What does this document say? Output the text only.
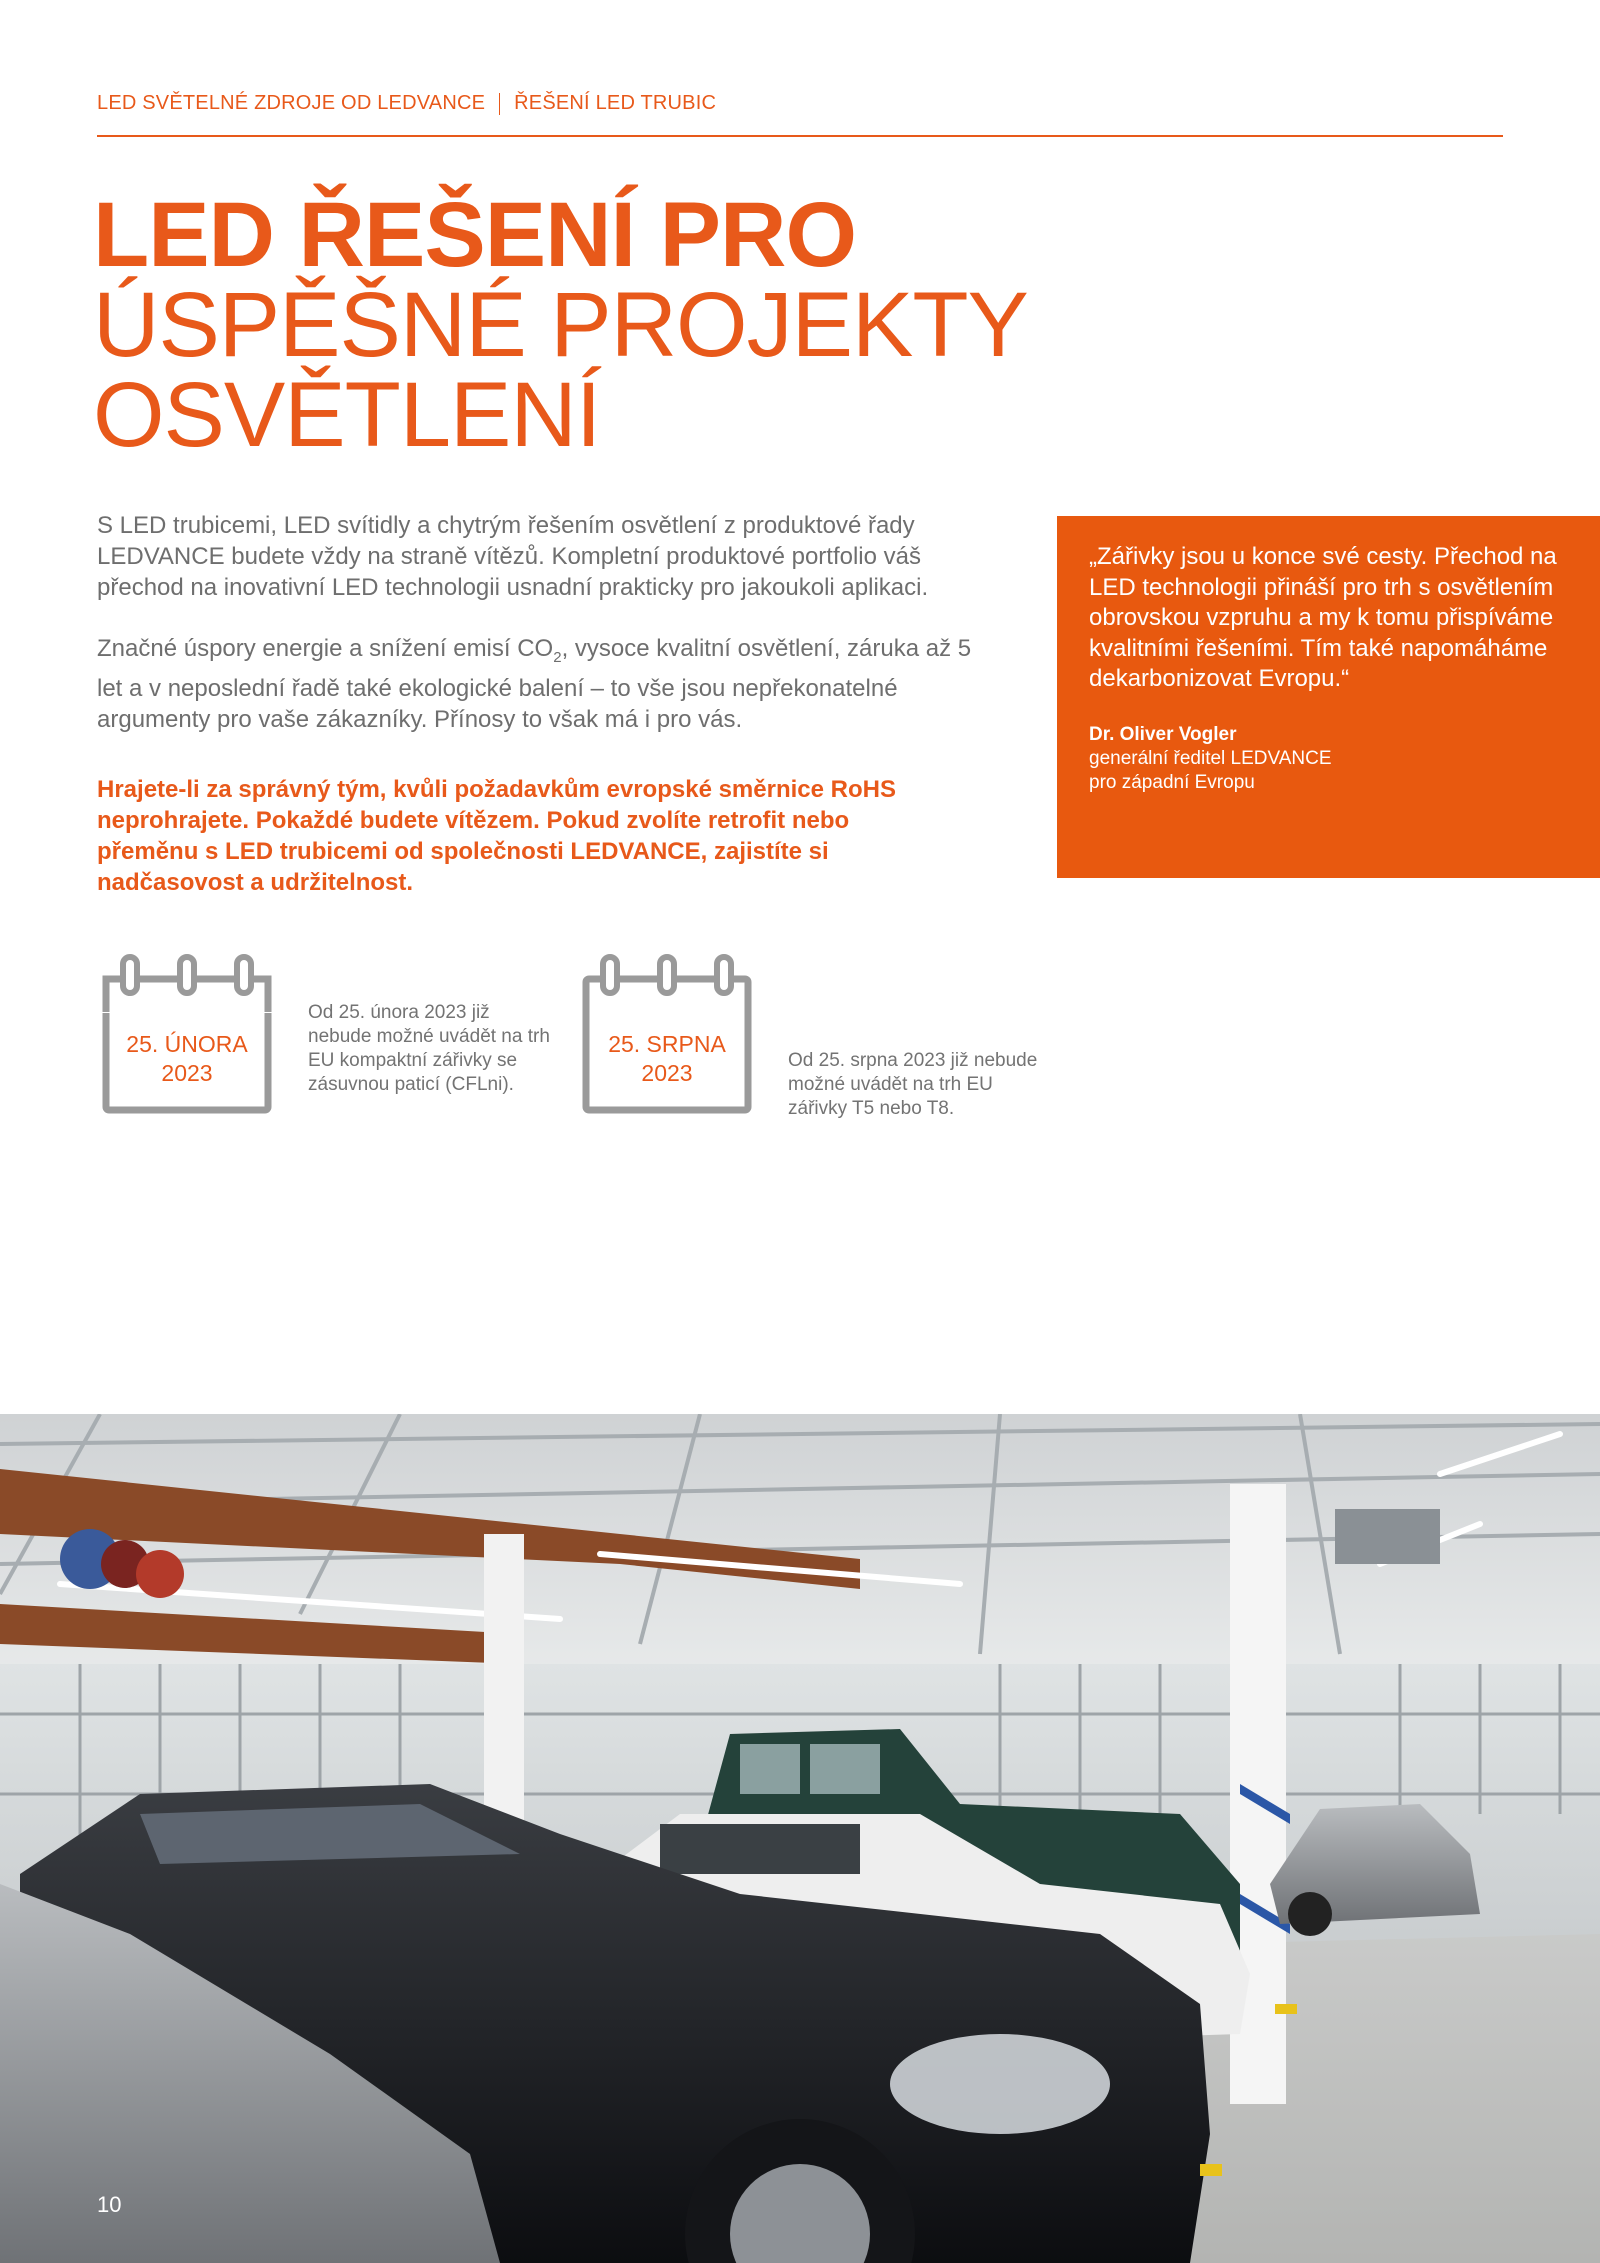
LED SVĚTELNÉ ZDROJE OD LEDVANCE ŘEŠENÍ LED TRUBIC
LED ŘEŠENÍ PRO
ÚSPĚŠNÉ PROJEKTY
OSVĚTLENÍ

S LED trubicemi, LED svítidly a chytrým řešením osvětlení z produktové řady LEDVANCE budete vždy na straně vítězů. Kompletní produktové portfolio váš přechod na inovativní LED technologii usnadní prakticky pro jakoukoli aplikaci.

Značné úspory energie a snížení emisí $CO_2$, vysoce kvalitní osvětlení, záruka až 5 let a v neposlední řadě také ekologické balení – to vše jsou nepřekonatelné argumenty pro vaše zákazníky. Přínosy to však má i pro vás.

Hrajete-li za správný tým, kvůli požadavkům evropské směrnice RoHS neprohrajete. Pokaždé budete vítězem. Pokud zvolíte retrofit nebo přeměnu s LED trubicemi od společnosti LEDVANCE, zajistíte si nadčasovost a udržitelnost.

„Zářivky jsou u konce své cesty. Přechod na LED technologii přináší pro trh s osvětlením obrovskou vzpruhu a my k tomu přispíváme kvalitními řešeními. Tím také napomáháme dekarbonizovat Evropu.“

Dr. Oliver Vogler
generální ředitel LEDVANCE
pro západní Evropu
25. ÚNORA
2023
Od 25. února 2023 již nebude možné uvádět na trh EU kompaktní zářivky se zásuvnou paticí (CFLni).
25. SRPNA
2023	Od 25. srpna 2023 již nebude možné uvádět na trh EU zářivky T5 nebo T8.
10
